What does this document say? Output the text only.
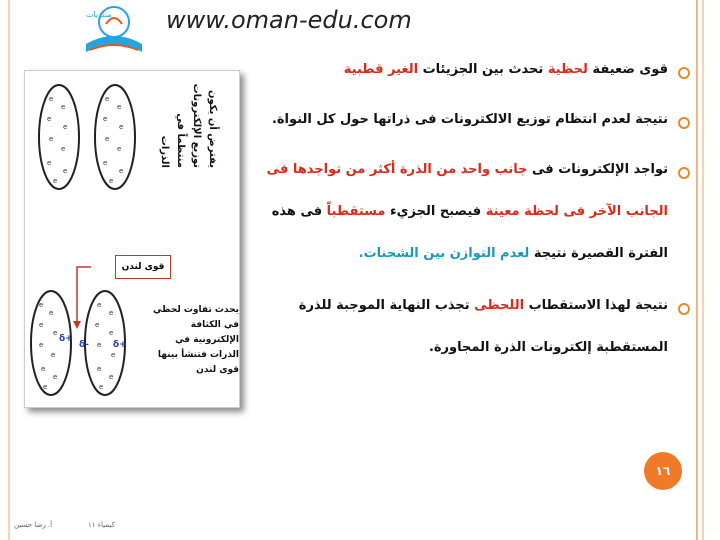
منتديات www.oman-edu.com
e
e
e
e
e
e
e
e
e
e
e
e
e
e
e
e
e
e
e
e
e
e
e
e
e
e
e
e
e
e
e
e
e
e
e
e
δ+
δ-	δ+
يفترض أن يكون توزيع الإلكترونات منتظماً في الذرات
قوى لندن
يحدث تفاوت لحظي في الكثافة الإلكترونية في الذرات فتنشأ بينها قوى لندن
قوى ضعيفة لحظية تحدث بين الجزيئات الغير قطبية
نتيجة لعدم انتظام توزيع الالكترونات فى ذراتها حول كل النواة.
تواجد الإلكترونات فى جانب واحد من الذرة أكثر من تواجدها فى
الجانب الآخر فى لحظة معينة فيصبح الجزيء مستقطباً فى هذه
الفترة القصيرة نتيجة لعدم التوازن بين الشحنات.
نتيجة لهذا الاستقطاب اللحظى تجذب النهاية الموجبة للذرة
المستقطبة إلكترونات الذرة المجاورة.
١٦
أ. رضا حسين	كيمياء ١١
